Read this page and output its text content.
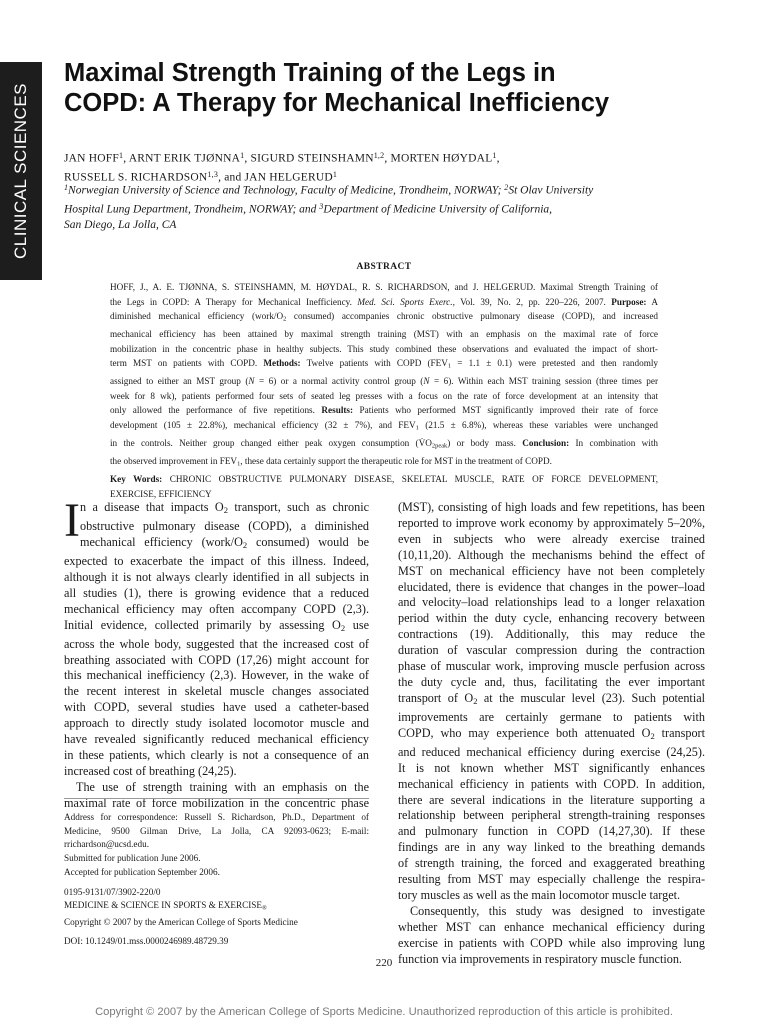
CLINICAL SCIENCES
Maximal Strength Training of the Legs in
COPD: A Therapy for Mechanical Inefficiency
JAN HOFF$^1$, ARNT ERIK TJØNNA$^1$, SIGURD STEINSHAMN$^{1,2}$, MORTEN HØYDAL$^1$,
RUSSELL S. RICHARDSON$^{1,3}$, and JAN HELGERUD$^1$
$^1$Norwegian University of Science and Technology, Faculty of Medicine, Trondheim, NORWAY; $^2$St Olav University
Hospital Lung Department, Trondheim, NORWAY; and $^3$Department of Medicine University of California,
San Diego, La Jolla, CA
ABSTRACT
HOFF, J., A. E. TJØNNA, S. STEINSHAMN, M. HØYDAL, R. S. RICHARDSON, and J. HELGERUD. Maximal Strength Training of
the Legs in COPD: A Therapy for Mechanical Inefficiency. Med. Sci. Sports Exerc., Vol. 39, No. 2, pp. 220–226, 2007. Purpose: A
diminished mechanical efficiency ($work/O_2$ consumed) accompanies chronic obstructive pulmonary disease (COPD), and increased
mechanical efficiency has been attained by maximal strength training (MST) with an emphasis on the maximal rate of force
mobilization in the concentric phase in healthy subjects. This study combined these observations and evaluated the impact of short-
term MST on patients with COPD. Methods: Twelve patients with COPD $(FEV_1 = 1.1 \pm 0.1)$ were pretested and then randomly
assigned to either an MST group (N = 6) or a normal activity control group (N = 6). Within each MST training session (three times per
week for 8 wk), patients performed four sets of seated leg presses with a focus on the rate of force development at an intensity that
only allowed the performance of five repetitions. Results: Patients who performed MST significantly improved their rate of force
development (105 ± 22.8%), mechanical efficiency (32 ± 7%), and $FEV_1$ (21.5 ± 6.8%), whereas these variables were unchanged
in the controls. Neither group changed either peak oxygen consumption $(V̇O_{2peak})$ or body mass. Conclusion: In combination with
the observed improvement in $FEV_1$, these data certainly support the therapeutic role for MST in the treatment of COPD.
Key Words: CHRONIC OBSTRUCTIVE PULMONARY DISEASE, SKELETAL MUSCLE, RATE OF FORCE DEVELOPMENT,
EXERCISE, EFFICIENCY
I n a disease that impacts $O_2$ transport, such as chronic
obstructive pulmonary disease (COPD), a diminished
mechanical efficiency ($work/O_2$ consumed) would be
expected to exacerbate the impact of this illness. Indeed,
although it is not always clearly identified in all subjects in
all studies (1), there is growing evidence that a reduced
mechanical efficiency may often accompany COPD (2,3).
Initial evidence, collected primarily by assessing $O_2$ use
across the whole body, suggested that the increased cost of
breathing associated with COPD (17,26) might account for
this mechanical inefficiency (2,3). However, in the wake of
the recent interest in skeletal muscle changes associated
with COPD, several studies have used a catheter-based
approach to directly study isolated locomotor muscle and
have revealed significantly reduced mechanical efficiency
in these patients, which clearly is not a consequence of an
increased cost of breathing (24,25).
The use of strength training with an emphasis on the
maximal rate of force mobilization in the concentric phase
Address for correspondence: Russell S. Richardson, Ph.D., Department of
Medicine, 9500 Gilman Drive, La Jolla, CA 92093-0623; E-mail:
rrichardson@ucsd.edu.
Submitted for publication June 2006.
Accepted for publication September 2006.
0195-9131/07/3902-220/0
MEDICINE & SCIENCE IN SPORTS & $EXERCISE_®$
Copyright © 2007 by the American College of Sports Medicine
DOI: 10.1249/01.mss.0000246989.48729.39
(MST), consisting of high loads and few repetitions, has been
reported to improve work economy by approximately 5–20%,
even in subjects who were already exercise trained
(10,11,20). Although the mechanisms behind the effect of
MST on mechanical efficiency have not been completely
elucidated, there is evidence that changes in the power–load
and velocity–load relationships lead to a longer relaxation
period within the duty cycle, enhancing recovery between
contractions (19). Additionally, this may reduce the
duration of vascular compression during the contraction
phase of muscular work, improving muscle perfusion across
the duty cycle and, thus, facilitating the ever important
transport of $O_2$ at the muscular level (23). Such potential
improvements are certainly germane to patients with
COPD, who may experience both attenuated $O_2$ transport
and reduced mechanical efficiency during exercise (24,25).
It is not known whether MST significantly enhances
mechanical efficiency in patients with COPD. In addition,
there are several indications in the literature supporting a
relationship between peripheral strength-training responses
and pulmonary function in COPD (14,27,30). If these
findings are in any way linked to the breathing demands
of strength training, the forced and exaggerated breathing
resulting from MST may especially challenge the respira-
tory muscles as well as the main locomotor muscle target.
Consequently, this study was designed to investigate
whether MST can enhance mechanical efficiency during
exercise in patients with COPD while also improving lung
function via improvements in respiratory muscle function.
220
Copyright © 2007 by the American College of Sports Medicine. Unauthorized reproduction of this article is prohibited.
